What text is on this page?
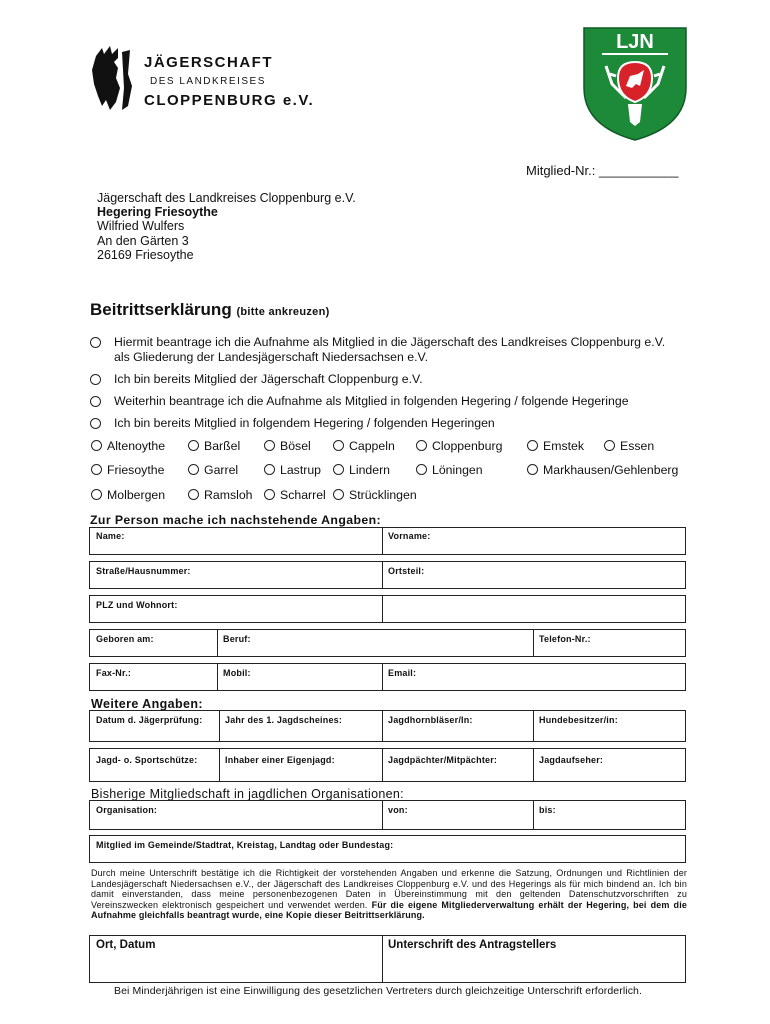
JÄGERSCHAFT
DES LANDKREISES
CLOPPENBURG e.V.
LJN
Mitglied-Nr.: ___________
Jägerschaft des Landkreises Cloppenburg e.V.
Hegering Friesoythe
Wilfried Wulfers
An den Gärten 3
26169 Friesoythe
Beitrittserklärung (bitte ankreuzen)
Hiermit beantrage ich die Aufnahme als Mitglied in die Jägerschaft des Landkreises Cloppenburg e.V. als Gliederung der Landesjägerschaft Niedersachsen e.V.
Ich bin bereits Mitglied der Jägerschaft Cloppenburg e.V.
Weiterhin beantrage ich die Aufnahme als Mitglied in folgenden Hegering / folgende Hegeringe
Ich bin bereits Mitglied in folgendem Hegering / folgenden Hegeringen
Altenoythe	Barßel	Bösel	Cappeln	Cloppenburg	Emstek	Essen
Friesoythe	Garrel	Lastrup	Lindern	Löningen	Markhausen/Gehlenberg
Molbergen	Ramsloh	Scharrel	Strücklingen
Zur Person mache ich nachstehende Angaben:
Name:	Vorname:
Straße/Hausnummer:	Ortsteil:
PLZ und Wohnort:
Geboren am:	Beruf:	Telefon-Nr.:
Fax-Nr.:	Mobil:	Email:
Weitere Angaben:
Datum d. Jägerprüfung:	Jahr des 1. Jagdscheines:	Jagdhornbläser/In:	Hundebesitzer/in:
Jagd- o. Sportschütze:	Inhaber einer Eigenjagd:	Jagdpächter/Mitpächter:	Jagdaufseher:
Bisherige Mitgliedschaft in jagdlichen Organisationen:
Organisation:	von:	bis:
Mitglied im Gemeinde/Stadtrat, Kreistag, Landtag oder Bundestag:
Durch meine Unterschrift bestätige ich die Richtigkeit der vorstehenden Angaben und erkenne die Satzung, Ordnungen und Richtlinien der Landesjägerschaft Niedersachsen e.V., der Jägerschaft des Landkreises Cloppenburg e.V. und des Hegerings als für mich bindend an. Ich bin damit einverstanden, dass meine personenbezogenen Daten in Übereinstimmung mit den geltenden Datenschutzvorschriften zu Vereinszwecken elektronisch gespeichert und verwendet werden. Für die eigene Mitgliederverwaltung erhält der Hegering, bei dem die Aufnahme gleichfalls beantragt wurde, eine Kopie dieser Beitrittserklärung.
Ort, Datum	Unterschrift des Antragstellers
Bei Minderjährigen ist eine Einwilligung des gesetzlichen Vertreters durch gleichzeitige Unterschrift erforderlich.
